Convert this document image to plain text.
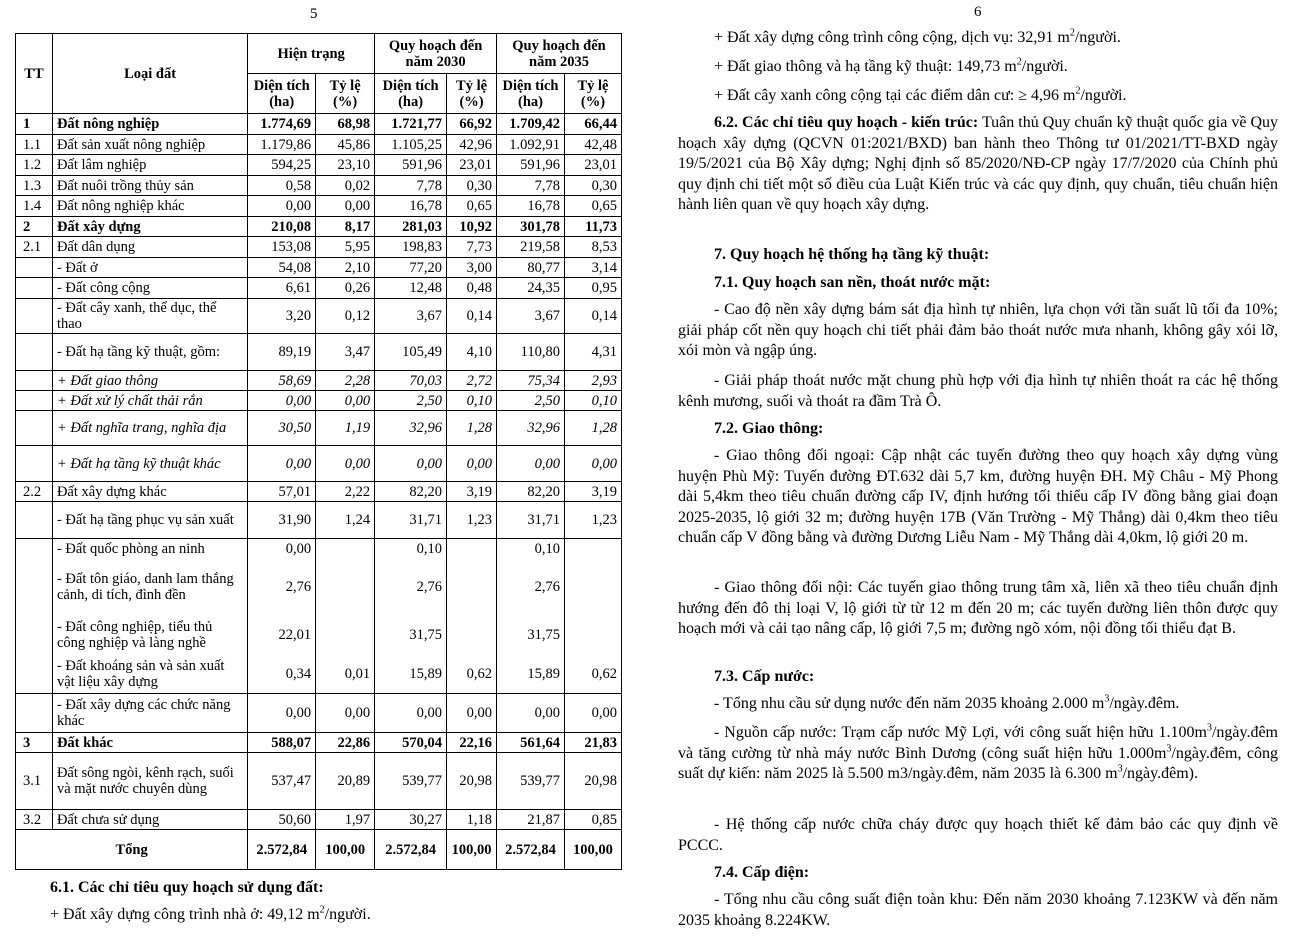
5
TT	Loại đất	Hiện trạng		Quy hoạch đến năm 2030		Quy hoạch đến năm 2035	
		Diện tích (ha)	Tỷ lệ (%)	Diện tích (ha)	Tỷ lệ (%)	Diện tích (ha)	Tỷ lệ (%)
1	Đất nông nghiệp	1.774,69	68,98	1.721,77	66,92	1.709,42	66,44
1.1	Đất sản xuất nông nghiệp	1.179,86	45,86	1.105,25	42,96	1.092,91	42,48
1.2	Đất lâm nghiệp	594,25	23,10	591,96	23,01	591,96	23,01
1.3	Đất nuôi trồng thủy sản	0,58	0,02	7,78	0,30	7,78	0,30
1.4	Đất nông nghiệp khác	0,00	0,00	16,78	0,65	16,78	0,65
2	Đất xây dựng	210,08	8,17	281,03	10,92	301,78	11,73
2.1	Đất dân dụng	153,08	5,95	198,83	7,73	219,58	8,53
	- Đất ở	54,08	2,10	77,20	3,00	80,77	3,14
	- Đất công cộng	6,61	0,26	12,48	0,48	24,35	0,95
	- Đất cây xanh, thể dục, thể thao	3,20	0,12	3,67	0,14	3,67	0,14
	- Đất hạ tầng kỹ thuật, gồm:	89,19	3,47	105,49	4,10	110,80	4,31
	+ Đất giao thông	58,69	2,28	70,03	2,72	75,34	2,93
	+ Đất xử lý chất thải rắn	0,00	0,00	2,50	0,10	2,50	0,10
	+ Đất nghĩa trang, nghĩa địa	30,50	1,19	32,96	1,28	32,96	1,28
	+ Đất hạ tầng kỹ thuật khác	0,00	0,00	0,00	0,00	0,00	0,00
2.2	Đất xây dựng khác	57,01	2,22	82,20	3,19	82,20	3,19
	- Đất hạ tầng phục vụ sản xuất	31,90	1,24	31,71	1,23	31,71	1,23
	- Đất quốc phòng an ninh	0,00		0,10		0,10	
	- Đất tôn giáo, danh lam thắng cảnh, di tích, đình đền	2,76		2,76		2,76	
	- Đất công nghiệp, tiểu thủ công nghiệp và làng nghề	22,01		31,75		31,75	
	- Đất khoáng sản và sản xuất vật liệu xây dựng	0,34	0,01	15,89	0,62	15,89	0,62
	- Đất xây dựng các chức năng khác	0,00	0,00	0,00	0,00	0,00	0,00
3	Đất khác	588,07	22,86	570,04	22,16	561,64	21,83
3.1	Đất sông ngòi, kênh rạch, suối và mặt nước chuyên dùng	537,47	20,89	539,77	20,98	539,77	20,98
3.2	Đất chưa sử dụng	50,60	1,97	30,27	1,18	21,87	0,85
Tổng		2.572,84	100,00	2.572,84	100,00	2.572,84	100,00
6.1. Các chỉ tiêu quy hoạch sử dụng đất:
+ Đất xây dựng công trình nhà ở: 49,12 $m^2$/người.
6
+ Đất xây dựng công trình công cộng, dịch vụ: 32,91 $m^2$/người.
+ Đất giao thông và hạ tầng kỹ thuật: 149,73 $m^2$/người.
+ Đất cây xanh công cộng tại các điểm dân cư: ≥ 4,96 $m^2$/người.
6.2. Các chỉ tiêu quy hoạch - kiến trúc: Tuân thủ Quy chuẩn kỹ thuật quốc gia về Quy hoạch xây dựng (QCVN 01:2021/BXD) ban hành theo Thông tư 01/2021/TT-BXD ngày 19/5/2021 của Bộ Xây dựng; Nghị định số 85/2020/NĐ-CP ngày 17/7/2020 của Chính phủ quy định chi tiết một số điều của Luật Kiến trúc và các quy định, quy chuẩn, tiêu chuẩn hiện hành liên quan về quy hoạch xây dựng.
7. Quy hoạch hệ thống hạ tầng kỹ thuật:
7.1. Quy hoạch san nền, thoát nước mặt:
- Cao độ nền xây dựng bám sát địa hình tự nhiên, lựa chọn với tần suất lũ tối đa 10%; giải pháp cốt nền quy hoạch chi tiết phải đảm bảo thoát nước mưa nhanh, không gây xói lỡ, xói mòn và ngập úng.
- Giải pháp thoát nước mặt chung phù hợp với địa hình tự nhiên thoát ra các hệ thống kênh mương, suối và thoát ra đầm Trà Ô.
7.2. Giao thông:
- Giao thông đối ngoại: Cập nhật các tuyến đường theo quy hoạch xây dựng vùng huyện Phù Mỹ: Tuyến đường ĐT.632 dài 5,7 km, đường huyện ĐH. Mỹ Châu - Mỹ Phong dài 5,4km theo tiêu chuẩn đường cấp IV, định hướng tối thiểu cấp IV đồng bằng giai đoạn 2025-2035, lộ giới 32 m; đường huyện 17B (Văn Trường - Mỹ Thắng) dài 0,4km theo tiêu chuẩn cấp V đồng bằng và đường Dương Liễu Nam - Mỹ Thắng dài 4,0km, lộ giới 20 m.
- Giao thông đối nội: Các tuyến giao thông trung tâm xã, liên xã theo tiêu chuẩn định hướng đến đô thị loại V, lộ giới từ từ 12 m đến 20 m; các tuyến đường liên thôn được quy hoạch mới và cải tạo nâng cấp, lộ giới 7,5 m; đường ngõ xóm, nội đồng tối thiểu đạt B.
7.3. Cấp nước:
- Tổng nhu cầu sử dụng nước đến năm 2035 khoảng 2.000 $m^3/ngày.đêm$.
- Nguồn cấp nước: Trạm cấp nước Mỹ Lợi, với công suất hiện hữu $1.100m^3/ngày.đêm$ và tăng cường từ nhà máy nước Bình Dương (công suất hiện hữu $1.000m^3/ngày.đêm$, công suất dự kiến: năm 2025 là 5.500 m3/ngày.đêm, năm 2035 là 6.300 $m^3/ngày.đêm$).
- Hệ thống cấp nước chữa cháy được quy hoạch thiết kế đảm bảo các quy định về PCCC.
7.4. Cấp điện:
- Tổng nhu cầu công suất điện toàn khu: Đến năm 2030 khoảng 7.123KW và đến năm 2035 khoảng 8.224KW.
